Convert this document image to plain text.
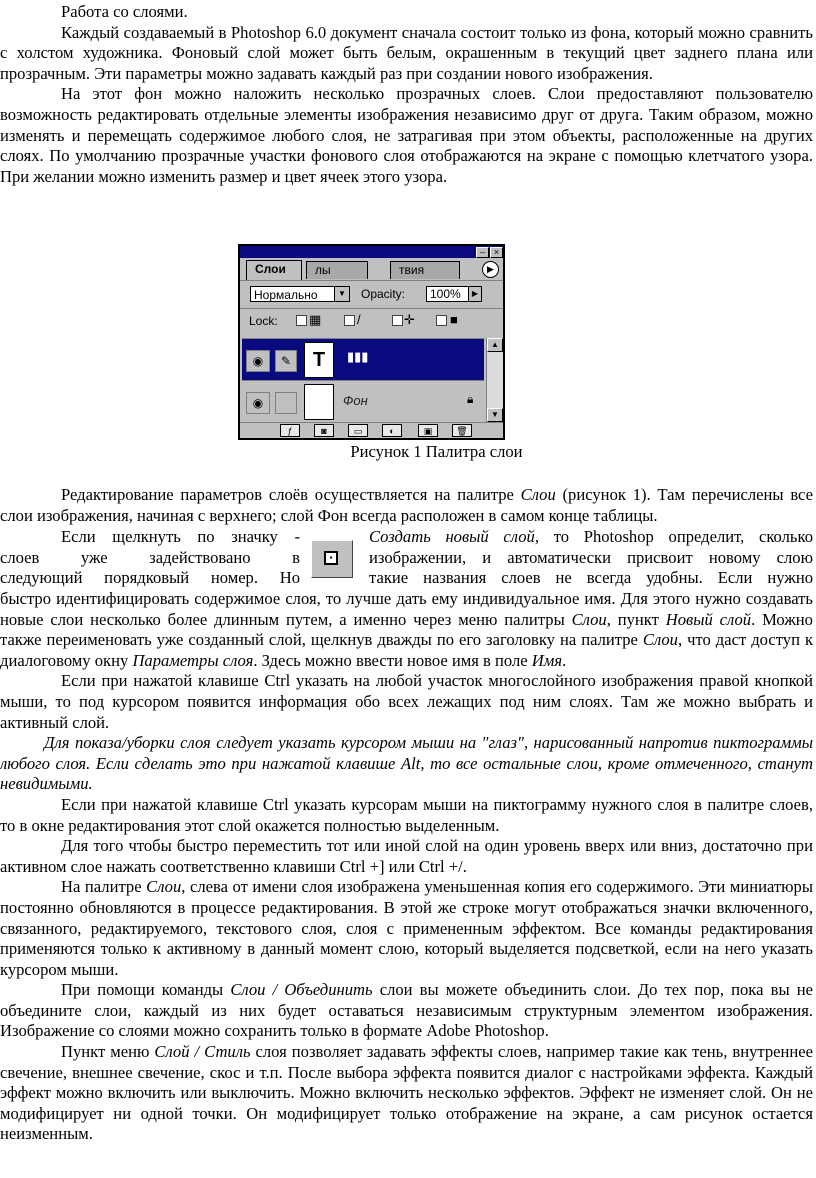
Работа со слоями.

Каждый создаваемый в Photoshop 6.0 документ сначала состоит только из фона, который можно сравнить с холстом художника. Фоновый слой может быть белым, окрашенным в текущий цвет заднего плана или прозрачным. Эти параметры можно задавать каждый раз при создании нового изображения.

На этот фон можно наложить несколько прозрачных слоев. Слои предоставляют пользователю возможность редактировать отдельные элементы изображения независимо друг от друга. Таким образом, можно изменять и перемещать содержимое любого слоя, не затрагивая при этом объекты, расположенные на других слоях. По умолчанию прозрачные участки фонового слоя отображаются на экране с помощью клетчатого узора. При желании можно изменить размер и цвет ячеек этого узора.

– ×
Слои	лы	твия	▶
Нормально	▼ Opacity:	100%	▶
Lock: ▦	/	✛	■
◉	✎	T	▮▮▮
◉	Фон	🔒︎
▲
▼
ƒ	◙	▭	◐	▣	🗑︎
Рисунок 1 Палитра слои

Редактирование параметров слоёв осуществляется на палитре Слои (рисунок 1). Там перечислены все слои изображения, начиная с верхнего; слой Фон всегда расположен в самом конце таблицы.

Если щелкнуть по значку -
слоев уже задействовано в
следующий порядковый номер. Но
▪
Создать новый слой, то Photoshop определит, сколько
изображении, и автоматически присвоит новому слою
такие названия слоев не всегда удобны. Если нужно

быстро идентифицировать содержимое слоя, то лучше дать ему индивидуальное имя. Для этого нужно создавать новые слои несколько более длинным путем, а именно через меню палитры Слои, пункт Новый слой. Можно также переименовать уже созданный слой, щелкнув дважды по его заголовку на палитре Слои, что даст доступ к диалоговому окну Параметры слоя. Здесь можно ввести новое имя в поле Имя.

Если при нажатой клавише Ctrl указать на любой участок многослойного изображения правой кнопкой мыши, то под курсором появится информация обо всех лежащих под ним слоях. Там же можно выбрать и активный слой.

Для показа/уборки слоя следует указать курсором мыши на "глаз", нарисованный напротив пиктограммы любого слоя. Если сделать это при нажатой клавише Alt, то все остальные слои, кроме отмеченного, станут невидимыми.

Если при нажатой клавише Ctrl указать курсорам мыши на пиктограмму нужного слоя в палитре слоев, то в окне редактирования этот слой окажется полностью выделенным.

Для того чтобы быстро переместить тот или иной слой на один уровень вверх или вниз, достаточно при активном слое нажать соответственно клавиши Ctrl +] или Ctrl +/.

На палитре Слои, слева от имени слоя изображена уменьшенная копия его содержимого. Эти миниатюры постоянно обновляются в процессе редактирования. В этой же строке могут отображаться значки включенного, связанного, редактируемого, текстового слоя, слоя с примененным эффектом. Все команды редактирования применяются только к активному в данный момент слою, который выделяется подсветкой, если на него указать курсором мыши.

При помощи команды Слои / Объединить слои вы можете объединить слои. До тех пор, пока вы не объедините слои, каждый из них будет оставаться независимым структурным элементом изображения. Изображение со слоями можно сохранить только в формате Adobe Photoshop.

Пункт меню Слой / Стиль слоя позволяет задавать эффекты слоев, например такие как тень, внутреннее свечение, внешнее свечение, скос и т.п. После выбора эффекта появится диалог с настройками эффекта. Каждый эффект можно включить или выключить. Можно включить несколько эффектов. Эффект не изменяет слой. Он не модифицирует ни одной точки. Он модифицирует только отображение на экране, а сам рисунок остается неизменным.
